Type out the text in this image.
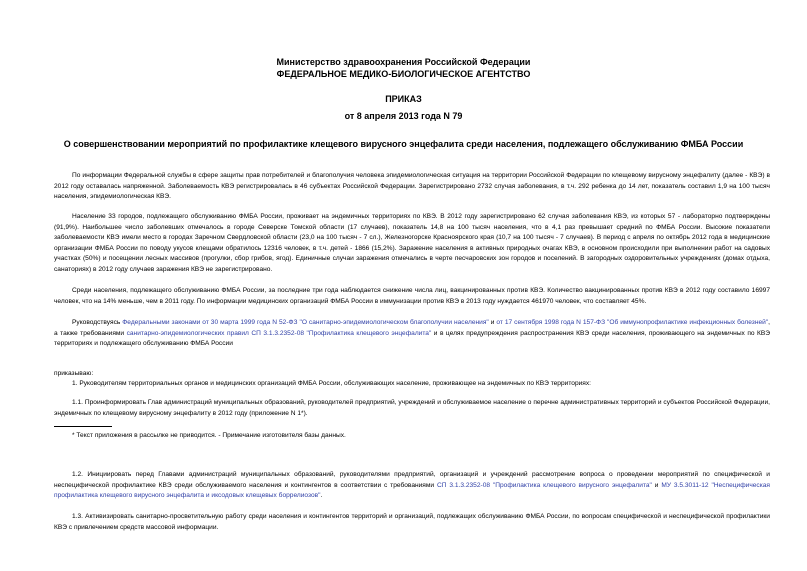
Министерство здравоохранения Российской Федерации
ФЕДЕРАЛЬНОЕ МЕДИКО-БИОЛОГИЧЕСКОЕ АГЕНТСТВО
ПРИКАЗ
от 8 апреля 2013 года N 79
О совершенствовании мероприятий по профилактике клещевого вирусного энцефалита среди населения, подлежащего обслуживанию ФМБА России

По информации Федеральной службы в сфере защиты прав потребителей и благополучия человека эпидемиологическая ситуация на территории Российской Федерации по клещевому вирусному энцефалиту (далее - КВЭ) в 2012 году оставалась напряженной. Заболеваемость КВЭ регистрировалась в 46 субъектах Российской Федерации. Зарегистрировано 2732 случая заболевания, в т.ч. 292 ребенка до 14 лет, показатель составил 1,9 на 100 тысяч населения, эпидемиологическая КВЭ.

Население 33 городов, подлежащего обслуживанию ФМБА России, проживает на эндемичных территориях по КВЭ. В 2012 году зарегистрировано 62 случая заболевания КВЭ, из которых 57 - лабораторно подтверждены (91,9%). Наибольшее число заболевших отмечалось в городе Северске Томской области (17 случаев), показатель 14,8 на 100 тысяч населения, что в 4,1 раз превышает средний по ФМБА России. Высокие показатели заболеваемости КВЭ имели место в городах Заречном Свердловской области (23,0 на 100 тысяч - 7 сл.), Железногорске Красноярского края (10,7 на 100 тысяч - 7 случаев). В период с апреля по октябрь 2012 года в медицинские организации ФМБА России по поводу укусов клещами обратилось 12316 человек, в т.ч. детей - 1866 (15,2%). Заражение населения в активных природных очагах КВЭ, в основном происходили при выполнении работ на садовых участках (50%) и посещении лесных массивов (прогулки, сбор грибов, ягод). Единичные случаи заражения отмечались в черте песчаровских зон городов и поселений. В загородных оздоровительных учреждениях (домах отдыха, санаториях) в 2012 году случаев заражения КВЭ не зарегистрировано.

Среди населения, подлежащего обслуживанию ФМБА России, за последние три года наблюдается снижение числа лиц, вакцинированных против КВЭ. Количество вакцинированных против КВЭ в 2012 году составило 16997 человек, что на 14% меньше, чем в 2011 году. По информации медицинских организаций ФМБА России в иммунизации против КВЭ в 2013 году нуждается 461970 человек, что составляет 45%.

Руководствуясь Федеральными законами от 30 марта 1999 года N 52-ФЗ "О санитарно-эпидемиологическом благополучии населения" и от 17 сентября 1998 года N 157-ФЗ "Об иммунопрофилактике инфекционных болезней", а также требованиями санитарно-эпидемиологических правил СП 3.1.3.2352-08 "Профилактика клещевого энцефалита" и в целях предупреждения распространения КВЭ среди населения, проживающего на эндемичных по КВЭ территориях и подлежащего обслуживанию ФМБА России

приказываю:

1. Руководителям территориальных органов и медицинских организаций ФМБА России, обслуживающих население, проживающее на эндемичных по КВЭ территориях:

1.1. Проинформировать Глав администраций муниципальных образований, руководителей предприятий, учреждений и обслуживаемое население о перечне административных территорий и субъектов Российской Федерации, эндемичных по клещевому вирусному энцефалиту в 2012 году (приложение N 1*).

* Текст приложения в рассылке не приводится. - Примечание изготовителя базы данных.

1.2. Инициировать перед Главами администраций муниципальных образований, руководителями предприятий, организаций и учреждений рассмотрение вопроса о проведении мероприятий по специфической и неспецифической профилактике КВЭ среди обслуживаемого населения и контингентов в соответствии с требованиями СП 3.1.3.2352-08 "Профилактика клещевого вирусного энцефалита" и МУ 3.5.3011-12 "Неспецифическая профилактика клещевого вирусного энцефалита и иксодовых клещевых боррелиозов".

1.3. Активизировать санитарно-просветительную работу среди населения и контингентов территорий и организаций, подлежащих обслуживанию ФМБА России, по вопросам специфической и неспецифической профилактики КВЭ с привлечением средств массовой информации.
